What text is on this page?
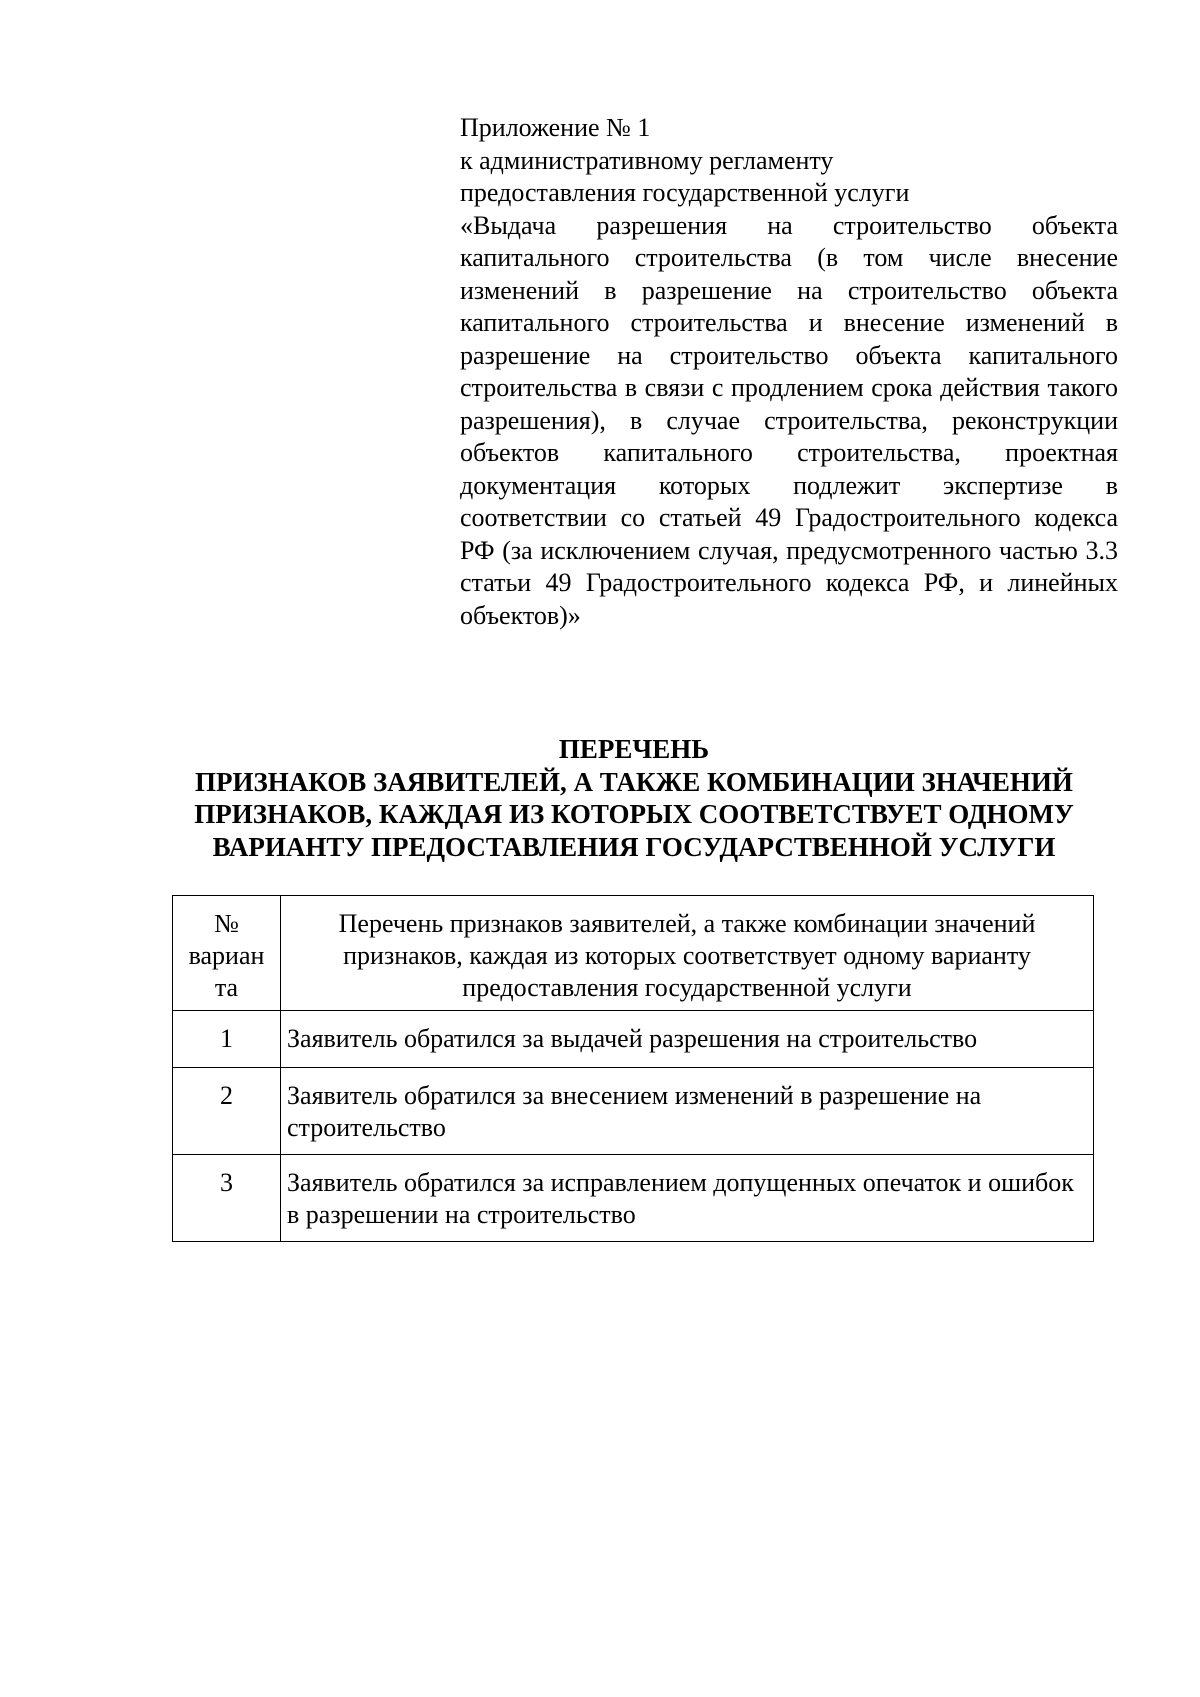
Приложение № 1
к административному регламенту
предоставления государственной услуги
«Выдача разрешения на строительство объекта капитального строительства (в том числе внесение изменений в разрешение на строительство объекта капитального строительства и внесение изменений в разрешение на строительство объекта капитального строительства в связи с продлением срока действия такого разрешения), в случае строительства, реконструкции объектов капитального строительства, проектная документация которых подлежит экспертизе в соответствии со статьей 49 Градостроительного кодекса РФ (за исключением случая, предусмотренного частью 3.3 статьи 49 Градостроительного кодекса РФ, и линейных объектов)»
ПЕРЕЧЕНЬ
ПРИЗНАКОВ ЗАЯВИТЕЛЕЙ, А ТАКЖЕ КОМБИНАЦИИ ЗНАЧЕНИЙ
ПРИЗНАКОВ, КАЖДАЯ ИЗ КОТОРЫХ СООТВЕТСТВУЕТ ОДНОМУ
ВАРИАНТУ ПРЕДОСТАВЛЕНИЯ ГОСУДАРСТВЕННОЙ УСЛУГИ
№
вариан
та	Перечень признаков заявителей, а также комбинации значений признаков, каждая из которых соответствует одному варианту предоставления государственной услуги
1	Заявитель обратился за выдачей разрешения на строительство
2	Заявитель обратился за внесением изменений в разрешение на строительство
3	Заявитель обратился за исправлением допущенных опечаток и ошибок в разрешении на строительство
